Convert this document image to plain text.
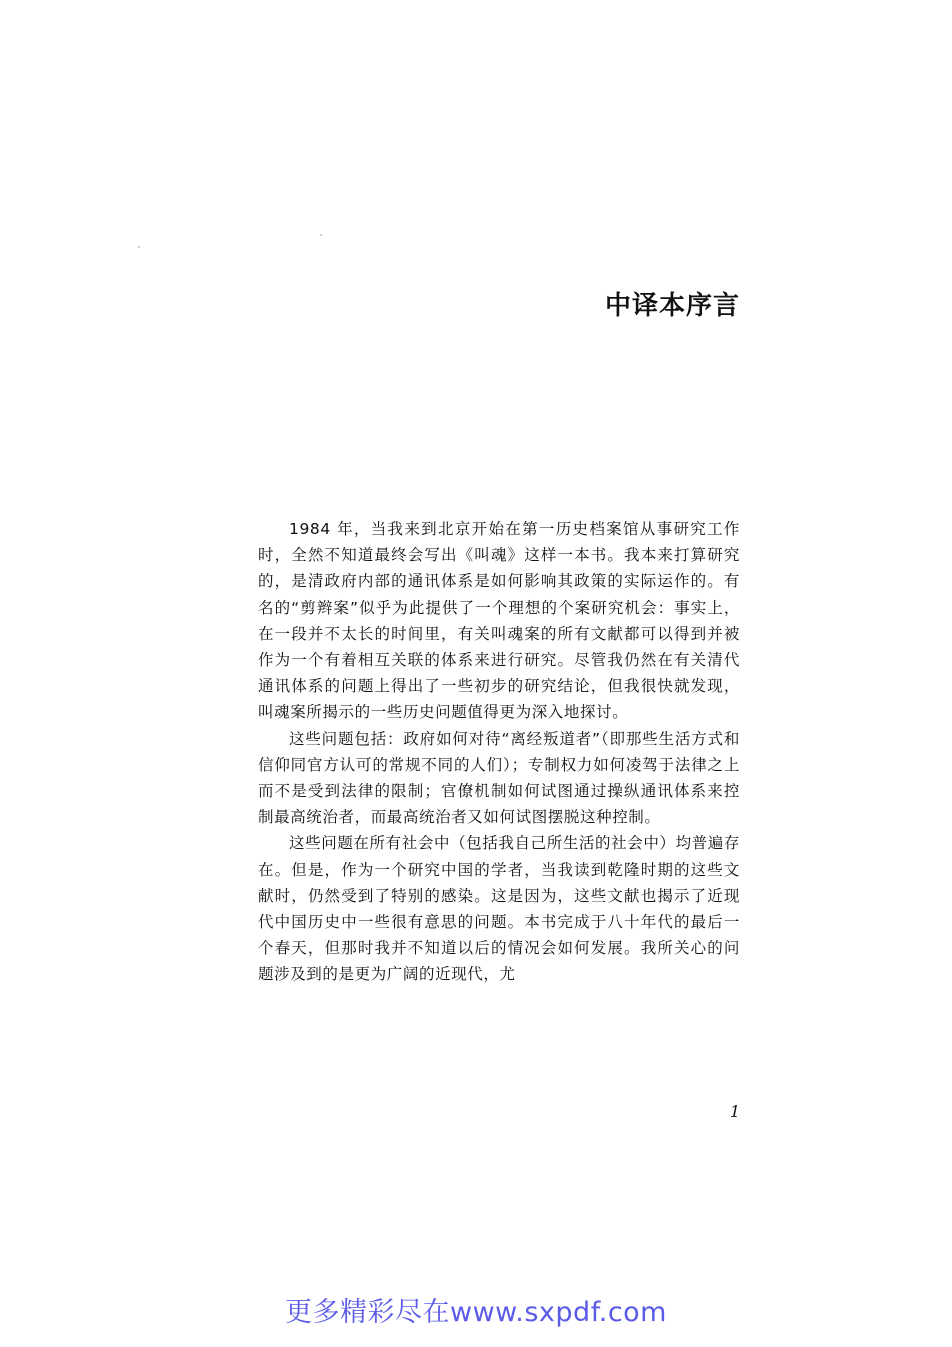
中译本序言

1984 年，当我来到北京开始在第一历史档案馆从事研究工作时，全然不知道最终会写出《叫魂》这样一本书。我本来打算研究的，是清政府内部的通讯体系是如何影响其政策的实际运作的。有名的“剪辫案”似乎为此提供了一个理想的个案研究机会：事实上，在一段并不太长的时间里，有关叫魂案的所有文献都可以得到并被作为一个有着相互关联的体系来进行研究。尽管我仍然在有关清代通讯体系的问题上得出了一些初步的研究结论，但我很快就发现，叫魂案所揭示的一些历史问题值得更为深入地探讨。

这些问题包括：政府如何对待“离经叛道者”（即那些生活方式和信仰同官方认可的常规不同的人们）；专制权力如何凌驾于法律之上而不是受到法律的限制；官僚机制如何试图通过操纵通讯体系来控制最高统治者，而最高统治者又如何试图摆脱这种控制。

这些问题在所有社会中（包括我自己所生活的社会中）均普遍存在。但是，作为一个研究中国的学者，当我读到乾隆时期的这些文献时，仍然受到了特别的感染。这是因为，这些文献也揭示了近现代中国历史中一些很有意思的问题。本书完成于八十年代的最后一个春天，但那时我并不知道以后的情况会如何发展。我所关心的问题涉及到的是更为广阔的近现代，尤

1
更多精彩尽在www.sxpdf.com
